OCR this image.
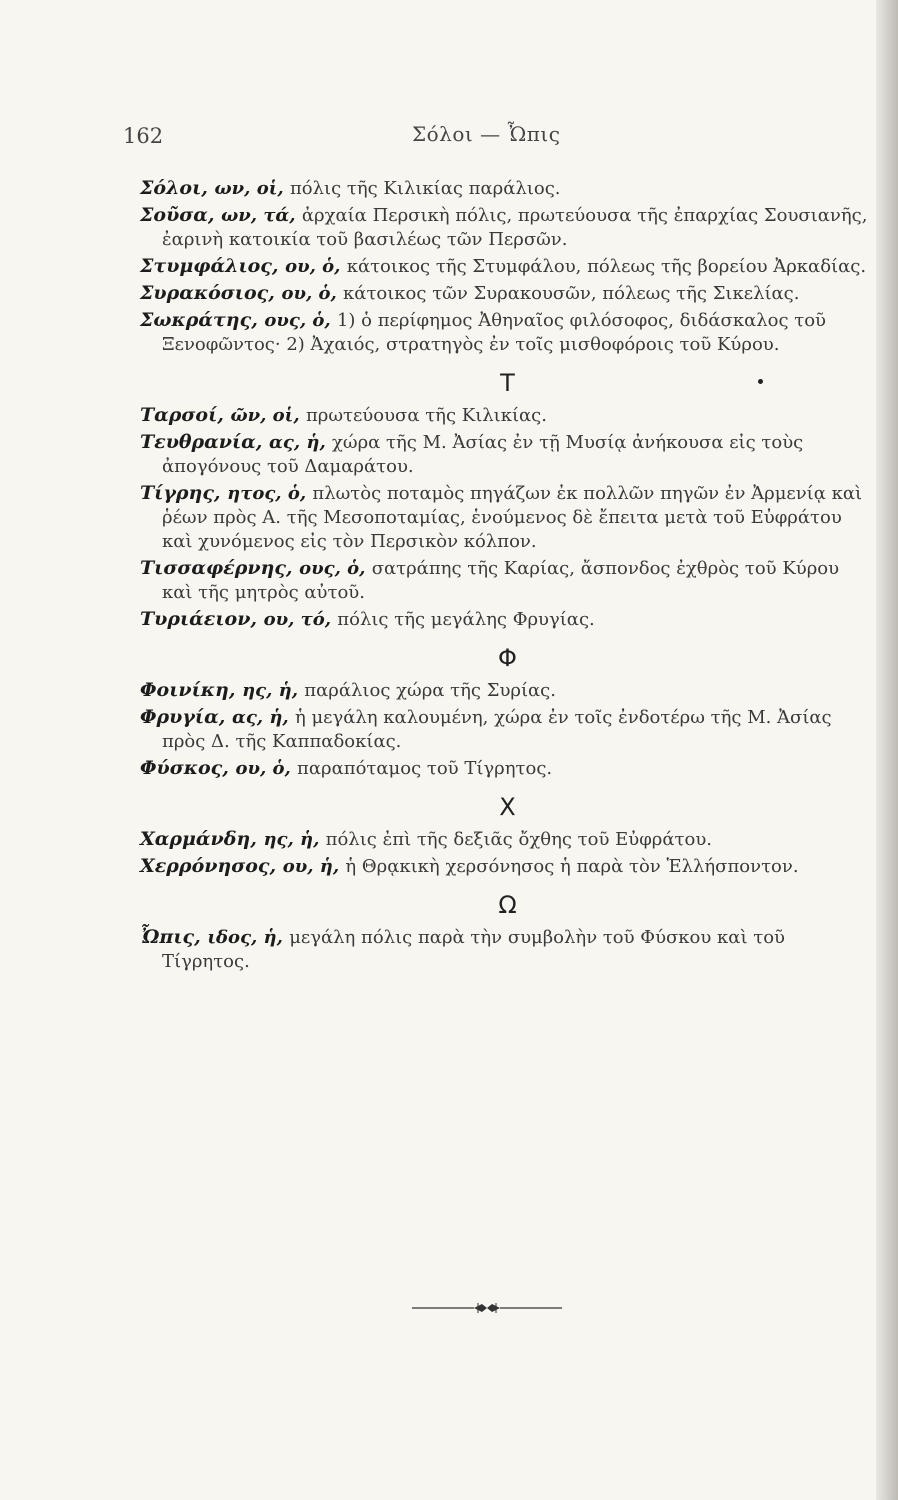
162	Σόλοι — Ὦπις
Σόλοι, ων, οἱ, πόλις τῆς Κιλικίας παράλιος.
Σοῦσα, ων, τά, ἀρχαία Περσικὴ πόλις, πρωτεύουσα τῆς ἐπαρχίας Σουσιανῆς, ἐαρινὴ κατοικία τοῦ βασιλέως τῶν Περσῶν.
Στυμφάλιος, ου, ὁ, κάτοικος τῆς Στυμφάλου, πόλεως τῆς βορείου Ἀρκαδίας.
Συρακόσιος, ου, ὁ, κάτοικος τῶν Συρακουσῶν, πόλεως τῆς Σικελίας.
Σωκράτης, ους, ὁ, 1) ὁ περίφημος Ἀθηναῖος φιλόσοφος, διδάσκαλος τοῦ Ξενοφῶντος· 2) Ἀχαιός, στρατηγὸς ἐν τοῖς μισθοφόροις τοῦ Κύρου.
Τ
Ταρσοί, ῶν, οἱ, πρωτεύουσα τῆς Κιλικίας.
Τευθρανία, ας, ἡ, χώρα τῆς Μ. Ἀσίας ἐν τῇ Μυσίᾳ ἀνήκουσα εἰς τοὺς ἀπογόνους τοῦ Δαμαράτου.
Τίγρης, ητος, ὁ, πλωτὸς ποταμὸς πηγάζων ἐκ πολλῶν πηγῶν ἐν Ἀρμενίᾳ καὶ ῥέων πρὸς Α. τῆς Μεσοποταμίας, ἑνούμενος δὲ ἔπειτα μετὰ τοῦ Εὐφράτου καὶ χυνόμενος εἰς τὸν Περσικὸν κόλπον.
Τισσαφέρνης, ους, ὁ, σατράπης τῆς Καρίας, ἄσπονδος ἐχθρὸς τοῦ Κύρου καὶ τῆς μητρὸς αὐτοῦ.
Τυριάειον, ου, τό, πόλις τῆς μεγάλης Φρυγίας.
Φ
Φοινίκη, ης, ἡ, παράλιος χώρα τῆς Συρίας.
Φρυγία, ας, ἡ, ἡ μεγάλη καλουμένη, χώρα ἐν τοῖς ἐνδοτέρω τῆς Μ. Ἀσίας πρὸς Δ. τῆς Καππαδοκίας.
Φύσκος, ου, ὁ, παραπόταμος τοῦ Τίγρητος.
Χ
Χαρμάνδη, ης, ἡ, πόλις ἐπὶ τῆς δεξιᾶς ὄχθης τοῦ Εὐφράτου.
Χερρόνησος, ου, ἡ, ἡ Θρᾳκικὴ χερσόνησος ἡ παρὰ τὸν Ἑλλήσποντον.
Ω
Ὦπις, ιδος, ἡ, μεγάλη πόλις παρὰ τὴν συμβολὴν τοῦ Φύσκου καὶ τοῦ Τίγρητος.
